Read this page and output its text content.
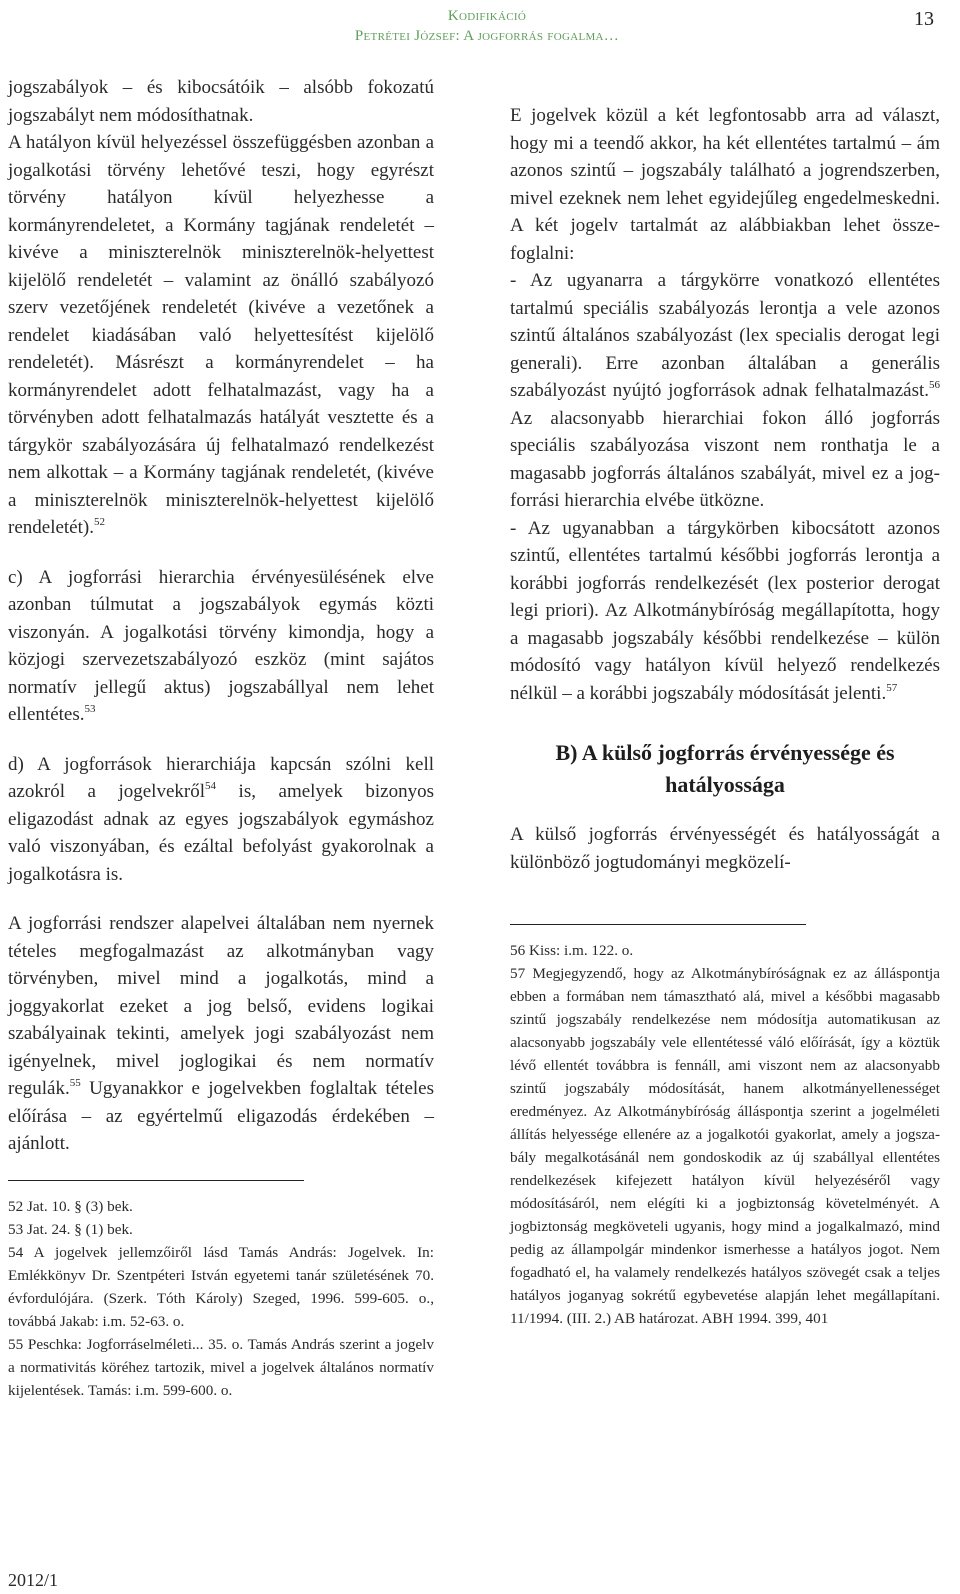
Kodifikáció
Petrétei József: A jogforrás fogalma…
13

jogszabályok – és kibocsátóik – alsóbb fokozatú jogszabályt nem módosíthatnak.

A hatályon kívül helyezéssel összefüggésben azonban a jogalkotási törvény lehetővé teszi, hogy egyrészt törvény hatályon kívül helyezhesse a kormányrendeletet, a Kormány tagjának rendeletét – kivéve a miniszterelnök miniszterelnök-helyettest kijelölő rendeletét – valamint az önálló szabályozó szerv vezetőjének rendeletét (kivéve a vezetőnek a rendelet kiadásában való helyettesítést kijelölő rendeletét). Másrészt a kormányrendelet – ha kormányrendelet adott felhatalmazást, vagy ha a törvényben adott felhatalmazás hatályát vesztette és a tárgykör szabályozására új felhatalmazó rendelkezést nem alkottak – a Kormány tagjának rendeletét, (kivéve a miniszterelnök miniszterelnök-helyettest kijelölő rendeletét).$^{52}$

c) A jogforrási hierarchia érvényesülésének elve azonban túlmutat a jogszabályok egymás közti viszonyán. A jogalkotási törvény kimondja, hogy a közjogi szervezetszabályozó eszköz (mint sajátos normatív jellegű aktus) jogszabállyal nem lehet ellentétes.$^{53}$

d) A jogforrások hierarchiája kapcsán szólni kell azokról a jogelvekről$^{54}$ is, amelyek bizonyos eligazodást adnak az egyes jogszabályok egymáshoz való viszonyában, és ezáltal befolyást gyakorolnak a jogalkotásra is.

A jogforrási rendszer alapelvei általában nem nyernek tételes megfogalmazást az alkotmányban vagy törvényben, mivel mind a jogalkotás, mind a joggyakorlat ezeket a jog belső, evidens logikai szabályainak tekinti, amelyek jogi szabályozást nem igényelnek, mivel joglogikai és nem normatív regulák.$^{55}$ Ugyanakkor e jogelvekben foglaltak tételes előírása – az egyértelmű eligazodás érdekében – ajánlott.

52 Jat. 10. § (3) bek.

53 Jat. 24. § (1) bek.

54 A jogelvek jellemzőiről lásd Tamás András: Jogelvek. In: Emlékkönyv Dr. Szentpéteri István egyetemi tanár születésének 70. évfordulójára. (Szerk. Tóth Károly) Szeged, 1996. 599-605. o., továbbá Jakab: i.m. 52-63. o.

55 Peschka: Jogforráselméleti... 35. o. Tamás András szerint a jogelv a normativitás köréhez tartozik, mivel a jogelvek általános normatív kijelentések. Tamás: i.m. 599-600. o.

2012/1

E jogelvek közül a két legfontosabb arra ad választ, hogy mi a teendő akkor, ha két ellentétes tartalmú – ám azonos szintű – jogszabály található a jogrendszerben, mivel ezeknek nem lehet egyidejűleg engedelmeskedni. A két jogelv tartalmát az alábbiakban lehet összefoglalni:

- Az ugyanarra a tárgykörre vonatkozó ellentétes tartalmú speciális szabályozás lerontja a vele azonos szintű általános szabályozást (lex specialis derogat legi generali). Erre azonban általában a generális szabályozást nyújtó jogforrások adnak felhatalmazást.$^{56}$ Az alacsonyabb hierarchiai fokon álló jogforrás speciális szabályozása viszont nem ronthatja le a magasabb jogforrás általános szabályát, mivel ez a jogforrási hierarchia elvébe ütközne.

- Az ugyanabban a tárgykörben kibocsátott azonos szintű, ellentétes tartalmú későbbi jogforrás lerontja a korábbi jogforrás rendelkezését (lex posterior derogat legi priori). Az Alkotmánybíróság megállapította, hogy a magasabb jogszabály későbbi rendelkezése – külön módosító vagy hatályon kívül helyező rendelkezés nélkül – a korábbi jogszabály módosítását jelenti.$^{57}$

B) A külső jogforrás érvényessége és hatályossága

A külső jogforrás érvényességét és hatályosságát a különböző jogtudományi megközelí-

56 Kiss: i.m. 122. o.

57 Megjegyzendő, hogy az Alkotmánybíróságnak ez az álláspontja ebben a formában nem támasztható alá, mivel a későbbi magasabb szintű jogszabály rendelkezése nem módosítja automatikusan az alacsonyabb jogszabály vele ellentétessé váló előírását, így a köztük lévő ellentét továbbra is fennáll, ami viszont nem az alacsonyabb szintű jogszabály módosítását, hanem alkotmányellenességet eredményez. Az Alkotmánybíróság álláspontja szerint a jogelméleti állítás helyessége ellenére az a jogalkotói gyakorlat, amely a jogszabály megalkotásánál nem gondoskodik az új szabállyal ellentétes rendelkezések kifejezett hatályon kívül helyezéséről vagy módosításáról, nem elégíti ki a jogbiztonság követelményét. A jogbiztonság megköveteli ugyanis, hogy mind a jogalkalmazó, mind pedig az állampolgár mindenkor ismerhesse a hatályos jogot. Nem fogadható el, ha valamely rendelkezés hatályos szövegét csak a teljes hatályos joganyag sokrétű egybevetése alapján lehet megállapítani. 11/1994. (III. 2.) AB határozat. ABH 1994. 399, 401
